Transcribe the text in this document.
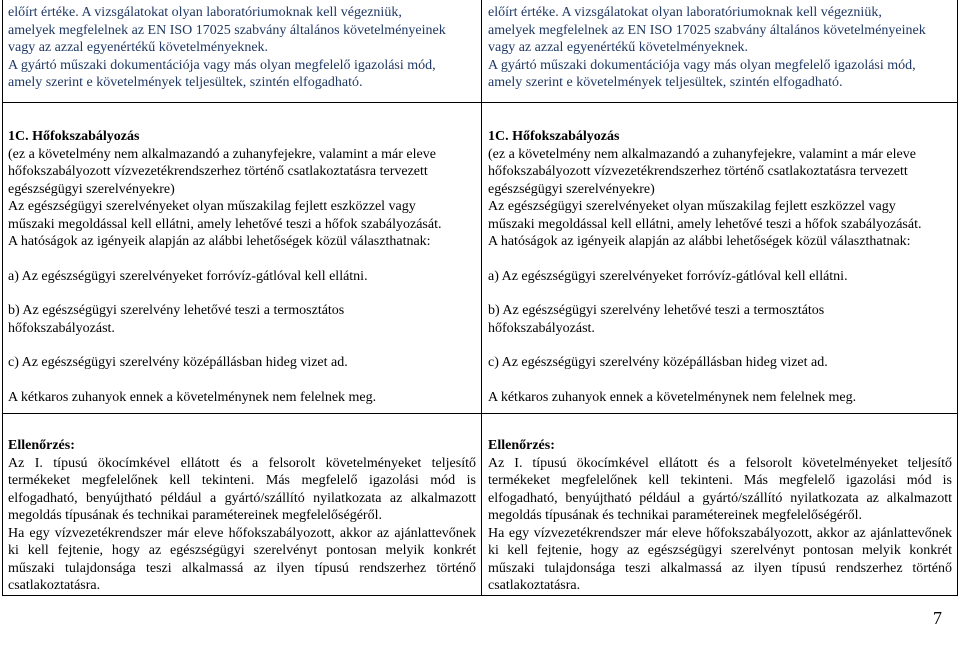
előírt értéke. A vizsgálatokat olyan laboratóriumoknak kell végezniük,

amelyek megfelelnek az EN ISO 17025 szabvány általános követelményeinek

vagy az azzal egyenértékű követelményeknek.

A gyártó műszaki dokumentációja vagy más olyan megfelelő igazolási mód,

amely szerint e követelmények teljesültek, szintén elfogadható.

előírt értéke. A vizsgálatokat olyan laboratóriumoknak kell végezniük,

amelyek megfelelnek az EN ISO 17025 szabvány általános követelményeinek

vagy az azzal egyenértékű követelményeknek.

A gyártó műszaki dokumentációja vagy más olyan megfelelő igazolási mód,

amely szerint e követelmények teljesültek, szintén elfogadható.

1C. Hőfokszabályozás

(ez a követelmény nem alkalmazandó a zuhanyfejekre, valamint a már eleve

hőfokszabályozott vízvezetékrendszerhez történő csatlakoztatásra tervezett

egészségügyi szerelvényekre)

Az egészségügyi szerelvényeket olyan műszakilag fejlett eszközzel vagy

műszaki megoldással kell ellátni, amely lehetővé teszi a hőfok szabályozását.

A hatóságok az igényeik alapján az alábbi lehetőségek közül választhatnak:

a) Az egészségügyi szerelvényeket forróvíz-gátlóval kell ellátni.

b) Az egészségügyi szerelvény lehetővé teszi a termosztátos

hőfokszabályozást.

c) Az egészségügyi szerelvény középállásban hideg vizet ad.

A kétkaros zuhanyok ennek a követelménynek nem felelnek meg.

1C. Hőfokszabályozás

(ez a követelmény nem alkalmazandó a zuhanyfejekre, valamint a már eleve

hőfokszabályozott vízvezetékrendszerhez történő csatlakoztatásra tervezett

egészségügyi szerelvényekre)

Az egészségügyi szerelvényeket olyan műszakilag fejlett eszközzel vagy

műszaki megoldással kell ellátni, amely lehetővé teszi a hőfok szabályozását.

A hatóságok az igényeik alapján az alábbi lehetőségek közül választhatnak:

a) Az egészségügyi szerelvényeket forróvíz-gátlóval kell ellátni.

b) Az egészségügyi szerelvény lehetővé teszi a termosztátos

hőfokszabályozást.

c) Az egészségügyi szerelvény középállásban hideg vizet ad.

A kétkaros zuhanyok ennek a követelménynek nem felelnek meg.

Ellenőrzés:

Az I. típusú ökocímkével ellátott és a felsorolt követelményeket teljesítő termékeket megfelelőnek kell tekinteni. Más megfelelő igazolási mód is elfogadható, benyújtható például a gyártó/szállító nyilatkozata az alkalmazott megoldás típusának és technikai paramétereinek megfelelőségéről.

Ha egy vízvezetékrendszer már eleve hőfokszabályozott, akkor az ajánlattevőnek ki kell fejtenie, hogy az egészségügyi szerelvényt pontosan melyik konkrét műszaki tulajdonsága teszi alkalmassá az ilyen típusú rendszerhez történő csatlakoztatásra.

Ellenőrzés:

Az I. típusú ökocímkével ellátott és a felsorolt követelményeket teljesítő termékeket megfelelőnek kell tekinteni. Más megfelelő igazolási mód is elfogadható, benyújtható például a gyártó/szállító nyilatkozata az alkalmazott megoldás típusának és technikai paramétereinek megfelelőségéről.

Ha egy vízvezetékrendszer már eleve hőfokszabályozott, akkor az ajánlattevőnek ki kell fejtenie, hogy az egészségügyi szerelvényt pontosan melyik konkrét műszaki tulajdonsága teszi alkalmassá az ilyen típusú rendszerhez történő csatlakoztatásra.

7
